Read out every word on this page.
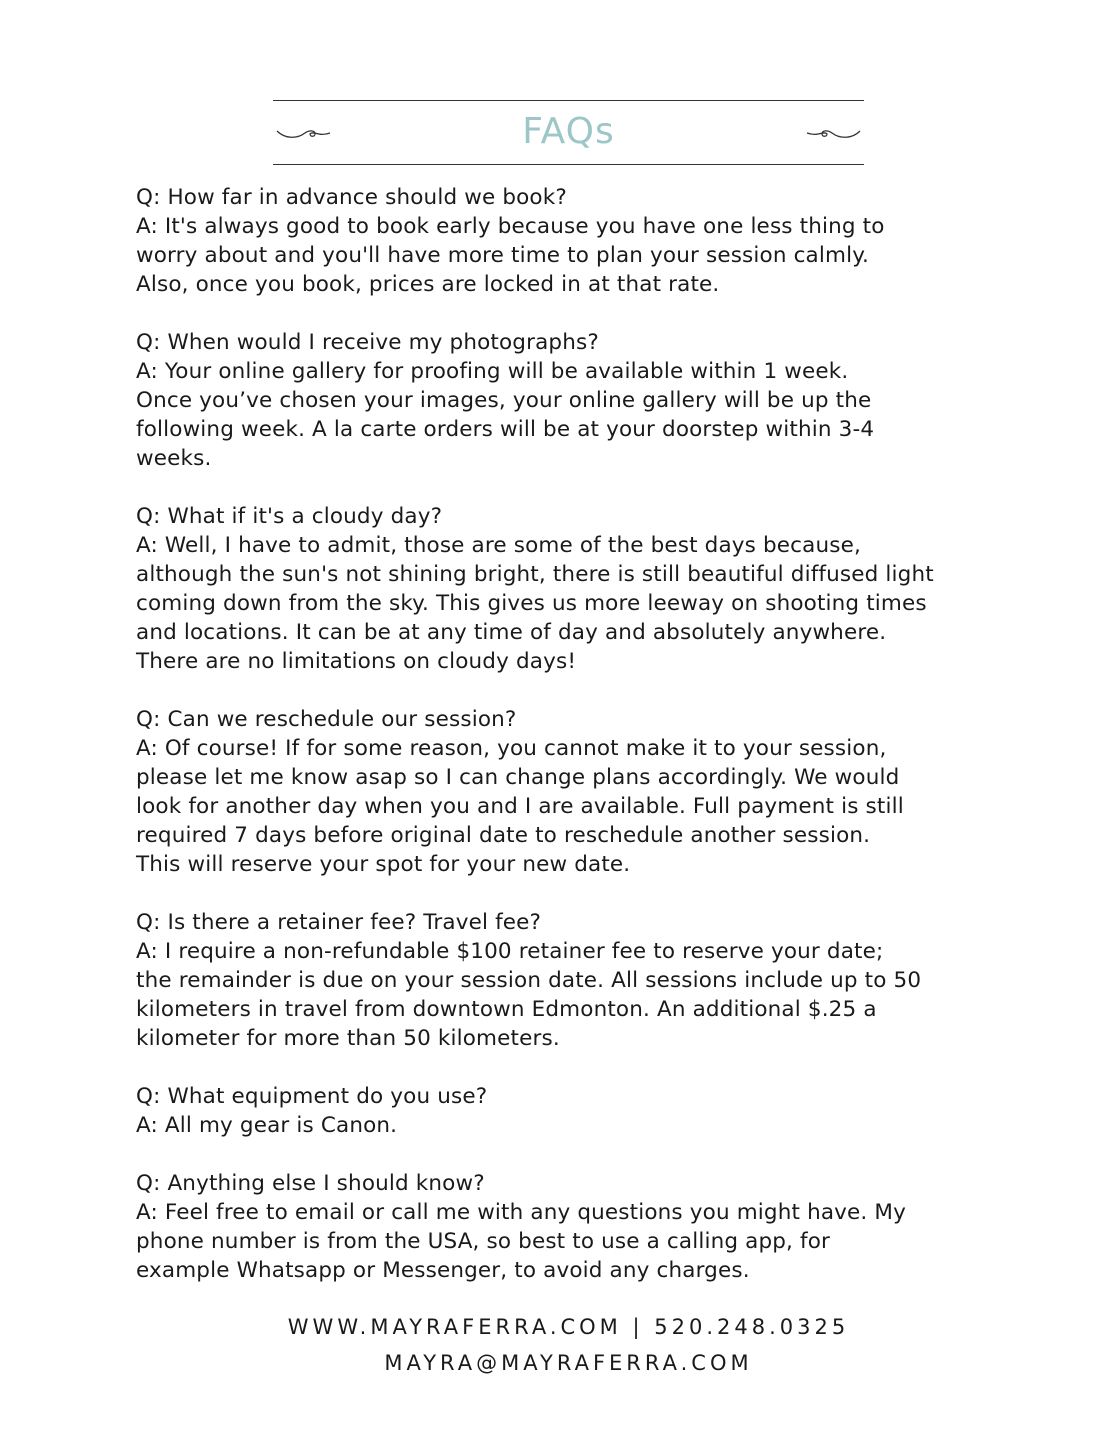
FAQs

Q: How far in advance should we book?

A: It's always good to book early because you have one less thing to
worry about and you'll have more time to plan your session calmly.
Also, once you book, prices are locked in at that rate.

Q: When would I receive my photographs?

A: Your online gallery for proofing will be available within 1 week.
Once you’ve chosen your images, your online gallery will be up the
following week. A la carte orders will be at your doorstep within 3-4
weeks.

Q: What if it's a cloudy day?

A: Well, I have to admit, those are some of the best days because,
although the sun's not shining bright, there is still beautiful diffused light
coming down from the sky. This gives us more leeway on shooting times
and locations. It can be at any time of day and absolutely anywhere.
There are no limitations on cloudy days!

Q: Can we reschedule our session?

A: Of course! If for some reason, you cannot make it to your session,
please let me know asap so I can change plans accordingly. We would
look for another day when you and I are available. Full payment is still
required 7 days before original date to reschedule another session.
This will reserve your spot for your new date.

Q: Is there a retainer fee? Travel fee?

A: I require a non-refundable $100 retainer fee to reserve your date;
the remainder is due on your session date. All sessions include up to 50
kilometers in travel from downtown Edmonton. An additional $.25 a
kilometer for more than 50 kilometers.

Q: What equipment do you use?

A: All my gear is Canon.

Q: Anything else I should know?

A: Feel free to email or call me with any questions you might have. My
phone number is from the USA, so best to use a calling app, for
example Whatsapp or Messenger, to avoid any charges.

WWW.MAYRAFERRA.COM | 520.248.0325
MAYRA@MAYRAFERRA.COM
